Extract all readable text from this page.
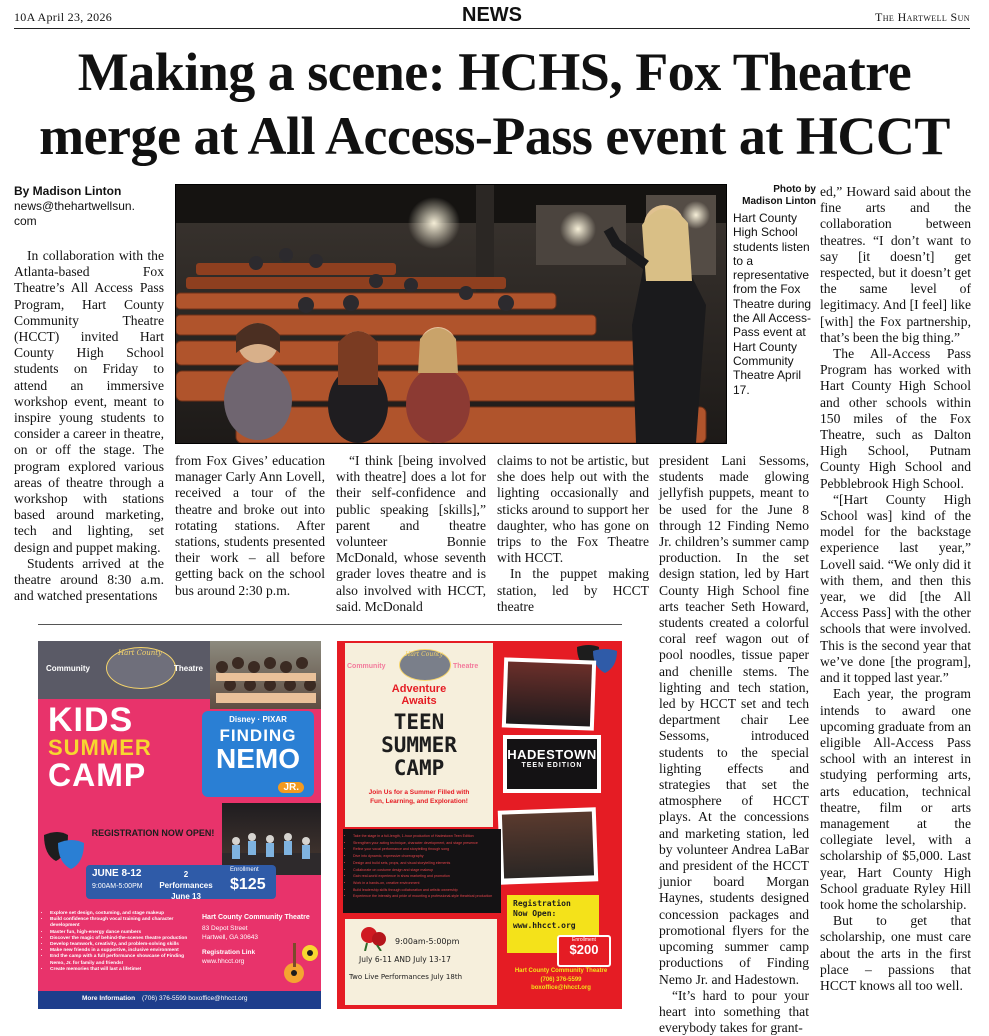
10A April 23, 2026	NEWS	The Hartwell Sun
Making a scene: HCHS, Fox Theatre
merge at All Access-Pass event at HCCT
By Madison Linton
news@thehartwellsun.
com

In collaboration with the Atlanta-based Fox Theatre’s All Access Pass Program, Hart County Community Theatre (HCCT) invited Hart County High School students on Friday to attend an immersive workshop event, meant to inspire young students to consider a career in theatre, on or off the stage. The program explored various areas of theatre through a workshop with stations based around marketing, tech and lighting, set design and puppet making.

Students arrived at the theatre around 8:30 a.m. and watched presentations

from Fox Gives’ education manager Carly Ann Lovell, received a tour of the theatre and broke out into rotating stations. After stations, students presented their work – all before getting back on the school bus around 2:30 p.m.

“I think [being involved with theatre] does a lot for their self-confidence and public speaking [skills],” parent and theatre volunteer Bonnie McDonald, whose seventh grader loves theatre and is also involved with HCCT, said. McDonald

claims to not be artistic, but she does help out with the lighting occasionally and sticks around to support her daughter, who has gone on trips to the Fox Theatre with HCCT.

In the puppet making station, led by HCCT theatre

president Lani Sessoms, students made glowing jellyfish puppets, meant to be used for the June 8 through 12 Finding Nemo Jr. children’s summer camp production. In the set design station, led by Hart County High School fine arts teacher Seth Howard, students created a colorful coral reef wagon out of pool noodles, tissue paper and chenille stems. The lighting and tech station, led by HCCT set and tech department chair Lee Sessoms, introduced students to the special lighting effects and strategies that set the atmosphere of HCCT plays. At the concessions and marketing station, led by volunteer Andrea LaBar and president of the HCCT junior board Morgan Haynes, students designed concession packages and promotional flyers for the upcoming summer camp productions of Finding Nemo Jr. and Hadestown.

“It’s hard to pour your heart into something that everybody takes for grant-

ed,” Howard said about the fine arts and the collaboration between theatres. “I don’t want to say [it doesn’t] get respected, but it doesn’t get the same level of legitimacy. And [I feel] like [with] the Fox partnership, that’s been the big thing.”

The All-Access Pass Program has worked with Hart County High School and other schools within 150 miles of the Fox Theatre, such as Dalton High School, Putnam County High School and Pebblebrook High School.

“[Hart County High School was] kind of the model for the backstage experience last year,” Lovell said. “We only did it with them, and then this year, we did [the All Access Pass] with the other schools that were involved. This is the second year that we’ve done [the program], and it topped last year.”

Each year, the program intends to award one upcoming graduate from an eligible All-Access Pass school with an interest in studying performing arts, arts education, technical theatre, film or arts management at the collegiate level, with a scholarship of $5,000. Last year, Hart County High School graduate Ryley Hill took home the scholarship.

But to get that scholarship, one must care about the arts in the first place – passions that HCCT knows all too well.

Photo by Madison Linton
Hart County High School students listen to a representative from the Fox Theatre during the All Access-Pass event at Hart County Community Theatre April 17.
Community
Hart County
Theatre
KIDS
SUMMER
CAMP
Disney · PIXAR
FINDING
NEMO
JR.
REGISTRATION NOW OPEN!
JUNE 8-12
9:00AM-5:00PM
2 Performances
June 13
Enrollment
$125
• Explore set design, costuming, and stage makeup
• Build confidence through vocal training and character development
• Master fun, high-energy dance numbers
• Discover the magic of behind-the-scenes theatre production
• Develop teamwork, creativity, and problem-solving skills
• Make new friends in a supportive, inclusive environment
• End the camp with a full performance showcase of Finding Nemo, Jr. for family and friends!
• Create memories that will last a lifetime!
Hart County Community Theatre
83 Depot Street
Hartwell, GA 30643
Registration Link
www.hhcct.org
More Information (706) 376-5599 boxoffice@hhcct.org
Community
Hart County
Theatre
Adventure
Awaits
TEEN
SUMMER
CAMP
Join Us for a Summer Filled with Fun, Learning, and Exploration!
HADESTOWN
TEEN EDITION
• Take the stage in a full-length, 1-hour production of Hadestown Teen Edition
• Strengthen your acting technique, character development, and stage presence
• Refine your vocal performance and storytelling through song
• Dive into dynamic, expressive choreography
• Design and build sets, props, and visual storytelling elements
• Collaborate on costume design and stage makeup
• Gain real-world experience in show marketing and promotion
• Work in a hands-on, creative environment
• Build leadership skills through collaboration and artistic ownership
• Experience the intensity and pride of mounting a professional-style theatrical production
Registration
Now Open:
www.hhcct.org
Enrollment
$200
9:00am-5:00pm
July 6-11 AND July 13-17
Two Live Performances July 18th
Hart County Community Theatre
(706) 376-5599
boxoffice@hhcct.org
